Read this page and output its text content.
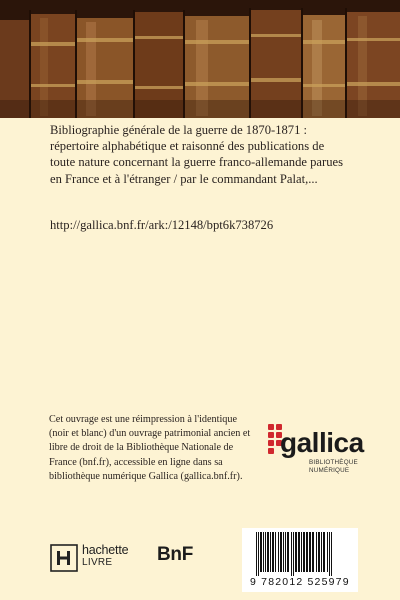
Bibliographie générale de la guerre de 1870-1871 : répertoire alphabétique et raisonné des publications de toute nature concernant la guerre franco-allemande parues en France et à l'étranger / par le commandant Palat,...

http://gallica.bnf.fr/ark:/12148/bpt6k738726
Cet ouvrage est une réimpression à l'identique (noir et blanc) d'un ouvrage patrimonial ancien et libre de droit de la Bibliothèque Nationale de France (bnf.fr), accessible en ligne dans sa bibliothèque numérique Gallica (gallica.bnf.fr).
gallica
BIBLIOTHÈQUE
NUMÉRIQUE
hachette
LIVRE BnF
9 782012 525979
